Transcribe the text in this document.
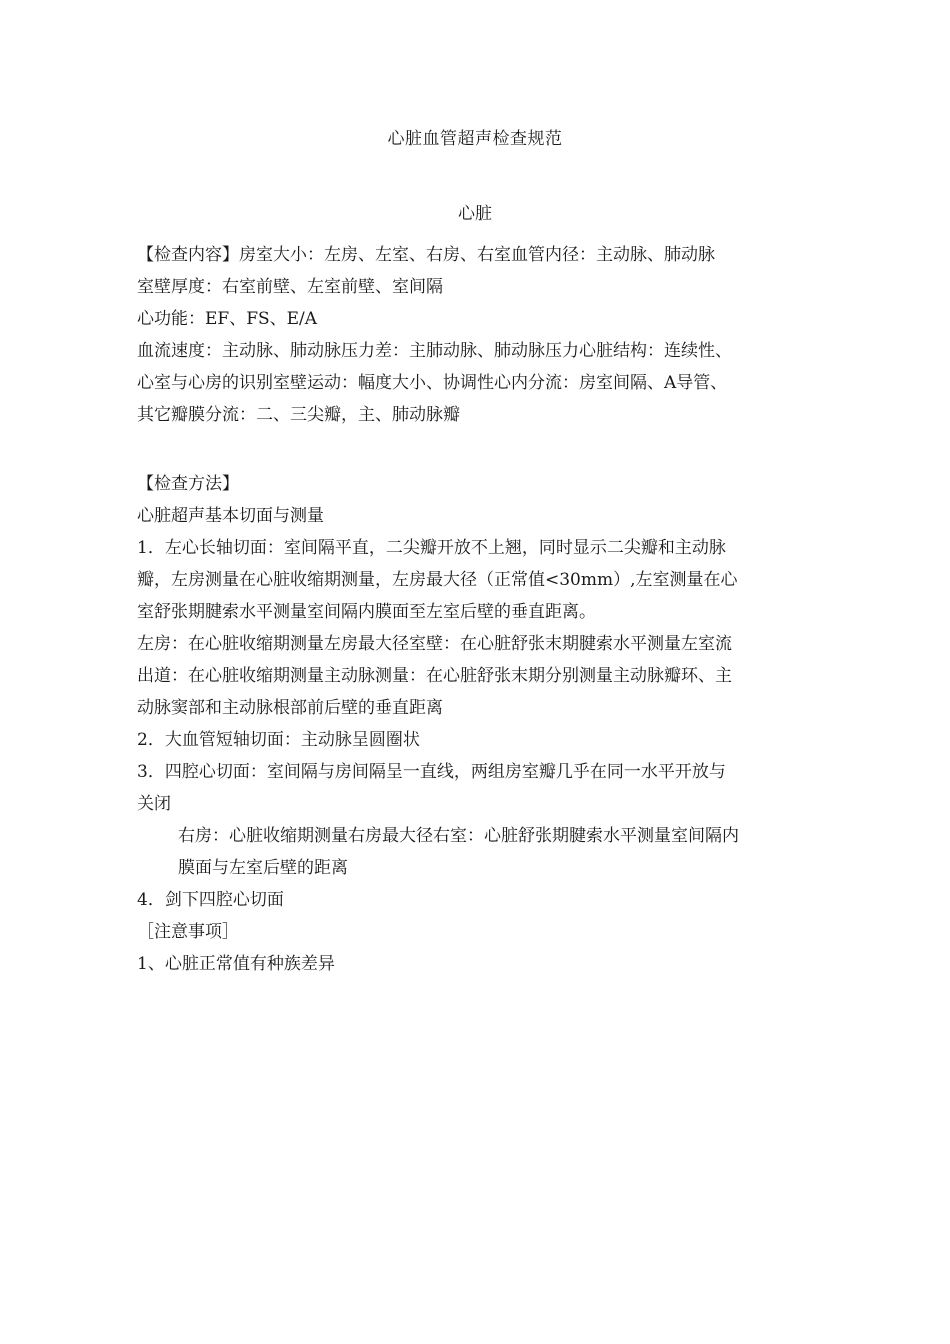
心脏血管超声检查规范
心脏

【检查内容】房室大小：左房、左室、右房、右室血管内径：主动脉、肺动脉

室壁厚度：右室前壁、左室前壁、室间隔

心功能：EF、FS、E/A

血流速度：主动脉、肺动脉压力差：主肺动脉、肺动脉压力心脏结构：连续性、

心室与心房的识别室壁运动：幅度大小、协调性心内分流：房室间隔、A导管、

其它瓣膜分流：二、三尖瓣，主、肺动脉瓣

【检查方法】

心脏超声基本切面与测量

1．左心长轴切面：室间隔平直，二尖瓣开放不上翘，同时显示二尖瓣和主动脉

瓣，左房测量在心脏收缩期测量，左房最大径（正常值<30mm）,左室测量在心

室舒张期腱索水平测量室间隔内膜面至左室后壁的垂直距离。

左房：在心脏收缩期测量左房最大径室壁：在心脏舒张末期腱索水平测量左室流

出道：在心脏收缩期测量主动脉测量：在心脏舒张末期分别测量主动脉瓣环、主

动脉窦部和主动脉根部前后壁的垂直距离

2．大血管短轴切面：主动脉呈圆圈状

3．四腔心切面：室间隔与房间隔呈一直线，两组房室瓣几乎在同一水平开放与

关闭

右房：心脏收缩期测量右房最大径右室：心脏舒张期腱索水平测量室间隔内

膜面与左室后壁的距离

4．剑下四腔心切面

［注意事项］

1、心脏正常值有种族差异
